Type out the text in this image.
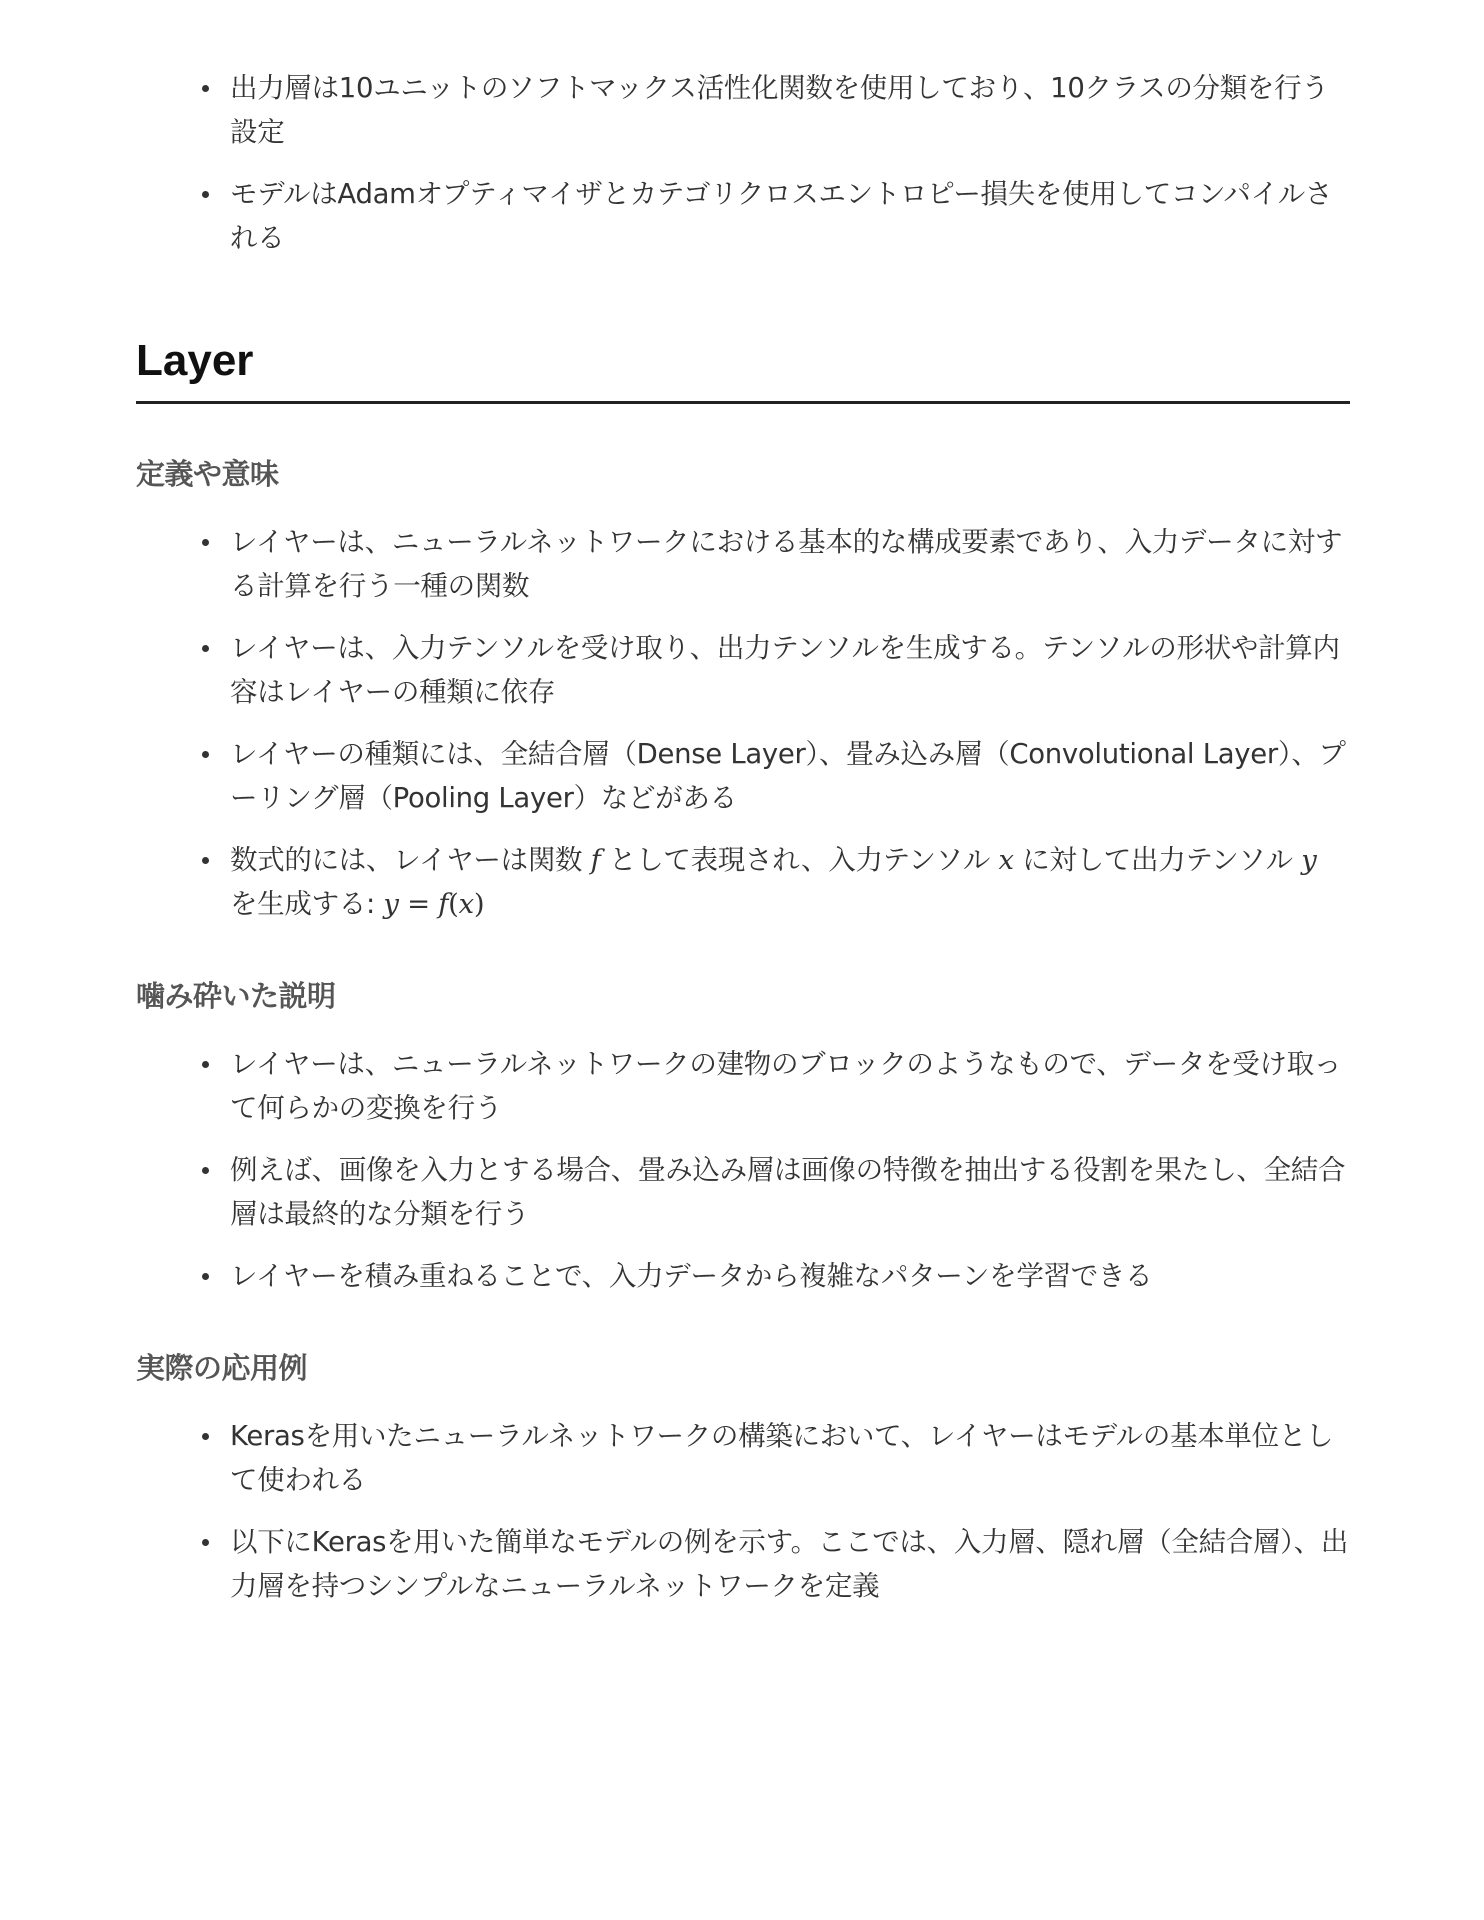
出力層は10ユニットのソフトマックス活性化関数を使用しており、10クラスの分類を行う設定
モデルはAdamオプティマイザとカテゴリクロスエントロピー損失を使用してコンパイルされる
Layer
定義や意味
レイヤーは、ニューラルネットワークにおける基本的な構成要素であり、入力データに対する計算を行う一種の関数
レイヤーは、入力テンソルを受け取り、出力テンソルを生成する。テンソルの形状や計算内容はレイヤーの種類に依存
レイヤーの種類には、全結合層（Dense Layer）、畳み込み層（Convolutional Layer）、プーリング層（Pooling Layer）などがある
数式的には、レイヤーは関数 f として表現され、入力テンソル x に対して出力テンソル y を生成する: y = f(x)
噛み砕いた説明
レイヤーは、ニューラルネットワークの建物のブロックのようなもので、データを受け取って何らかの変換を行う
例えば、画像を入力とする場合、畳み込み層は画像の特徴を抽出する役割を果たし、全結合層は最終的な分類を行う
レイヤーを積み重ねることで、入力データから複雑なパターンを学習できる
実際の応用例
Kerasを用いたニューラルネットワークの構築において、レイヤーはモデルの基本単位として使われる
以下にKerasを用いた簡単なモデルの例を示す。ここでは、入力層、隠れ層（全結合層）、出力層を持つシンプルなニューラルネットワークを定義
